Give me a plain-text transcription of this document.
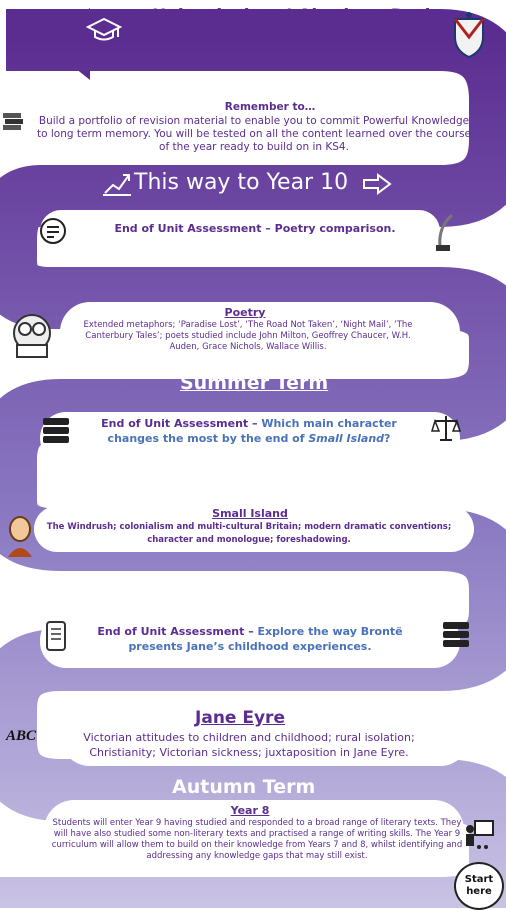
Haberdashers’ Abraham Darby
Year 9 English Learning Journey
Remember to…
Build a portfolio of revision material to enable you to commit Powerful Knowledge to long term memory. You will be tested on all the content learned over the course of the year ready to build on in KS4.
This way to Year 10
End of Unit Assessment – Poetry comparison.
Poetry
Extended metaphors; ‘Paradise Lost’, ‘The Road Not Taken’, ‘Night Mail’, ‘The Canterbury Tales’; poets studied include John Milton, Geoffrey Chaucer, W.H. Auden, Grace Nichols, Wallace Willis.
Summer Term
End of Unit Assessment – Which main character changes the most by the end of Small Island?
Small Island
The Windrush; colonialism and multi-cultural Britain; modern dramatic conventions; character and monologue; foreshadowing.
Spring Term
End of Unit Assessment – Explore the way Brontë presents Jane’s childhood experiences.
ABC
Jane Eyre
Victorian attitudes to children and childhood; rural isolation; Christianity; Victorian sickness; juxtaposition in Jane Eyre.
Autumn Term
Year 8
Students will enter Year 9 having studied and responded to a broad range of literary texts. They will have also studied some non-literary texts and practised a range of writing skills. The Year 9 curriculum will allow them to build on their knowledge from Years 7 and 8, whilst identifying and addressing any knowledge gaps that may still exist.
Start here
